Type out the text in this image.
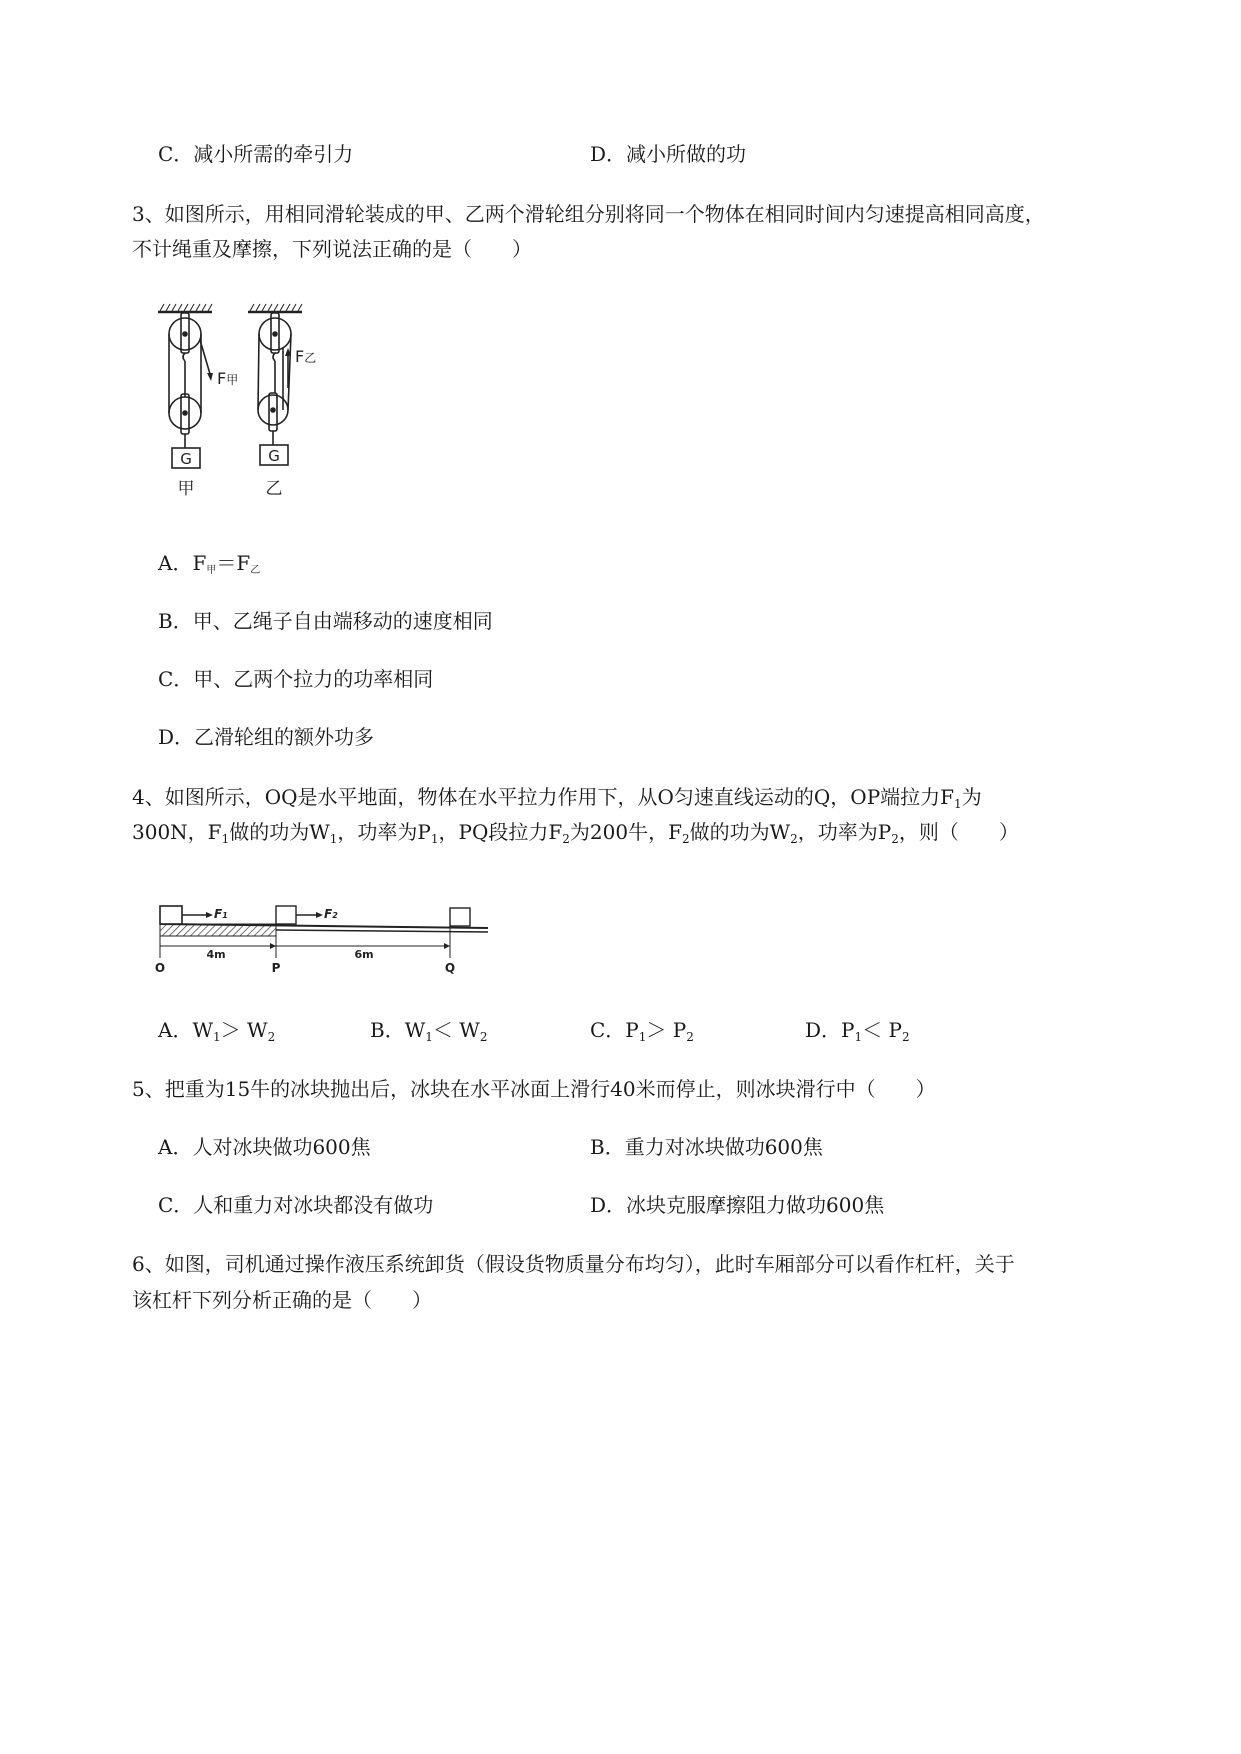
C．减小所需的牵引力	D．减小所做的功
3、如图所示，用相同滑轮装成的甲、乙两个滑轮组分别将同一个物体在相同时间内匀速提高相同高度，
不计绳重及摩擦，下列说法正确的是（　　）
G
F甲
甲
G
F乙
乙
A．F甲＝F乙
B．甲、乙绳子自由端移动的速度相同
C．甲、乙两个拉力的功率相同
D．乙滑轮组的额外功多
4、如图所示，OQ是水平地面，物体在水平拉力作用下，从O匀速直线运动的Q，OP端拉力$F_1$为
300N，$F_1$做的功为$W_1$，功率为$P_1$，PQ段拉力$F_2$为200牛，$F_2$做的功为$W_2$，功率为$P_2$，则（　　）
F1	F2
4m	6m
O	P	Q
A．$W_1> W_2$	B．$W_1< W_2$	C．$P_1> P_2$	D．$P_1< P_2$
5、把重为15牛的冰块抛出后，冰块在水平冰面上滑行40米而停止，则冰块滑行中（　　）
A．人对冰块做功600焦	B．重力对冰块做功600焦
C．人和重力对冰块都没有做功	D．冰块克服摩擦阻力做功600焦
6、如图，司机通过操作液压系统卸货（假设货物质量分布均匀），此时车厢部分可以看作杠杆，关于
该杠杆下列分析正确的是（　　）
